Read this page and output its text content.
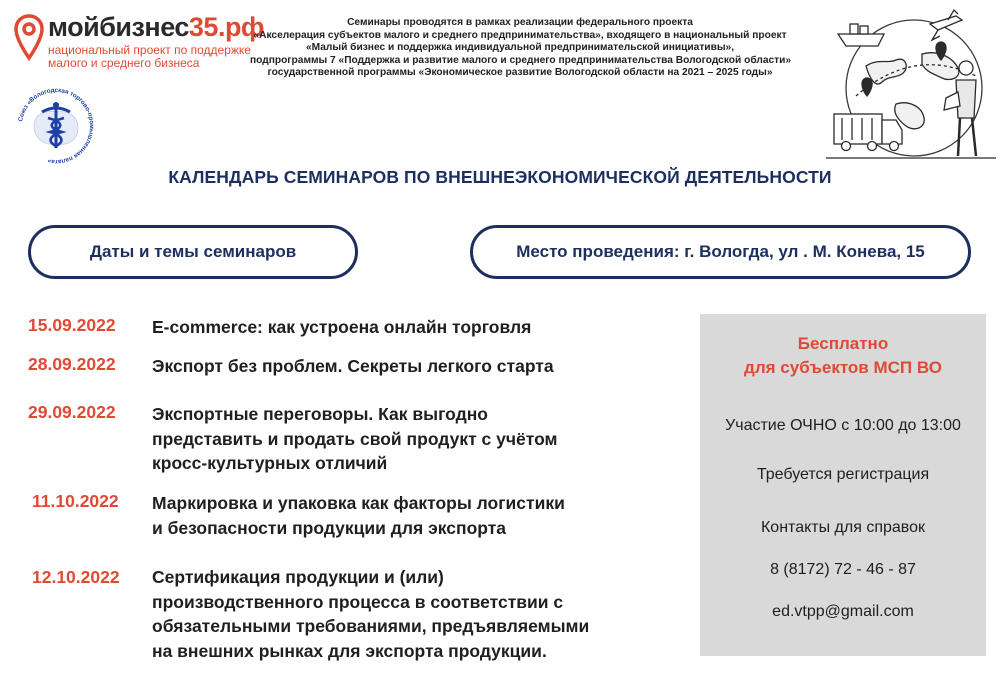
мойбизнес35.рф
национальный проект по поддержке
малого и среднего бизнеса
Союз «Вологодская торгово-промышленная палата»
Семинары проводятся в рамках реализации федерального проекта
«Акселерация субъектов малого и среднего предпринимательства», входящего в национальный проект
«Малый бизнес и поддержка индивидуальной предпринимательской инициативы»,
подпрограммы 7 «Поддержка и развитие малого и среднего предпринимательства Вологодской области»
государственной программы «Экономическое развитие Вологодской области на 2021 – 2025 годы»
КАЛЕНДАРЬ СЕМИНАРОВ ПО ВНЕШНЕЭКОНОМИЧЕСКОЙ ДЕЯТЕЛЬНОСТИ
Даты и темы семинаров	Место проведения: г. Вологда, ул . М. Конева, 15
15.09.2022 E-commerce: как устроена онлайн торговля
28.09.2022 Экспорт без проблем. Секреты легкого старта
29.09.2022 Экспортные переговоры. Как выгодно
представить и продать свой продукт с учётом
кросс-культурных отличий
11.10.2022 Маркировка и упаковка как факторы логистики
и безопасности продукции для экспорта
12.10.2022 Сертификация продукции и (или)
производственного процесса в соответствии с
обязательными требованиями, предъявляемыми
на внешних рынках для экспорта продукции.
Бесплатно
для субъектов МСП ВО
Участие ОЧНО с 10:00 до 13:00
Требуется регистрация
Контакты для справок
8 (8172) 72 - 46 - 87
ed.vtpp@gmail.com
